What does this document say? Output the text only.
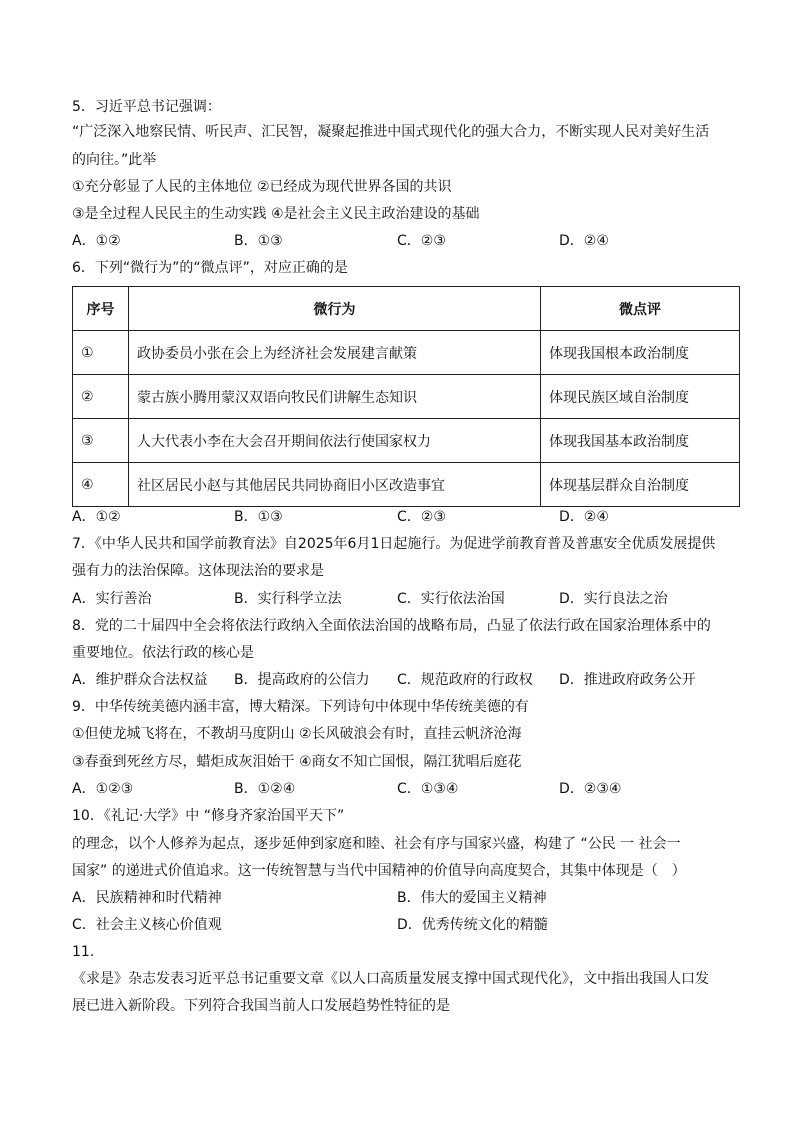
5．习近平总书记强调：
“广泛深入地察民情、听民声、汇民智，凝聚起推进中国式现代化的强大合力，不断实现人民对美好生活
的向往。”此举
①充分彰显了人民的主体地位 ②已经成为现代世界各国的共识
③是全过程人民民主的生动实践 ④是社会主义民主政治建设的基础
A．①②	B．①③	C．②③	D．②④
6．下列“微行为”的“微点评”，对应正确的是
序号	微行为	微点评
①	政协委员小张在会上为经济社会发展建言献策	体现我国根本政治制度
②	蒙古族小腾用蒙汉双语向牧民们讲解生态知识	体现民族区域自治制度
③	人大代表小李在大会召开期间依法行使国家权力	体现我国基本政治制度
④	社区居民小赵与其他居民共同协商旧小区改造事宜	体现基层群众自治制度
A．①②	B．①③	C．②③	D．②④
7．《中华人民共和国学前教育法》自2025年6月1日起施行。为促进学前教育普及普惠安全优质发展提供
强有力的法治保障。这体现法治的要求是
A．实行善治	B．实行科学立法	C．实行依法治国	D．实行良法之治
8．党的二十届四中全会将依法行政纳入全面依法治国的战略布局，凸显了依法行政在国家治理体系中的
重要地位。依法行政的核心是
A．维护群众合法权益 B．提高政府的公信力 C．规范政府的行政权 D．推进政府政务公开
9．中华传统美德内涵丰富，博大精深。下列诗句中体现中华传统美德的有
①但使龙城飞将在，不教胡马度阴山 ②长风破浪会有时，直挂云帆济沧海
③春蚕到死丝方尽，蜡炬成灰泪始干 ④商女不知亡国恨，隔江犹唱后庭花
A．①②③	B．①②④	C．①③④	D．②③④
10．《礼记·大学》中 “修身齐家治国平天下”
的理念，以个人修养为起点，逐步延伸到家庭和睦、社会有序与国家兴盛，构建了 “公民 一 社会一
国家” 的递进式价值追求。这一传统智慧与当代中国精神的价值导向高度契合，其集中体现是（　）
A．民族精神和时代精神	B．伟大的爱国主义精神
C．社会主义核心价值观	D．优秀传统文化的精髓
11.
《求是》杂志发表习近平总书记重要文章《以人口高质量发展支撑中国式现代化》，文中指出我国人口发
展已进入新阶段。下列符合我国当前人口发展趋势性特征的是
